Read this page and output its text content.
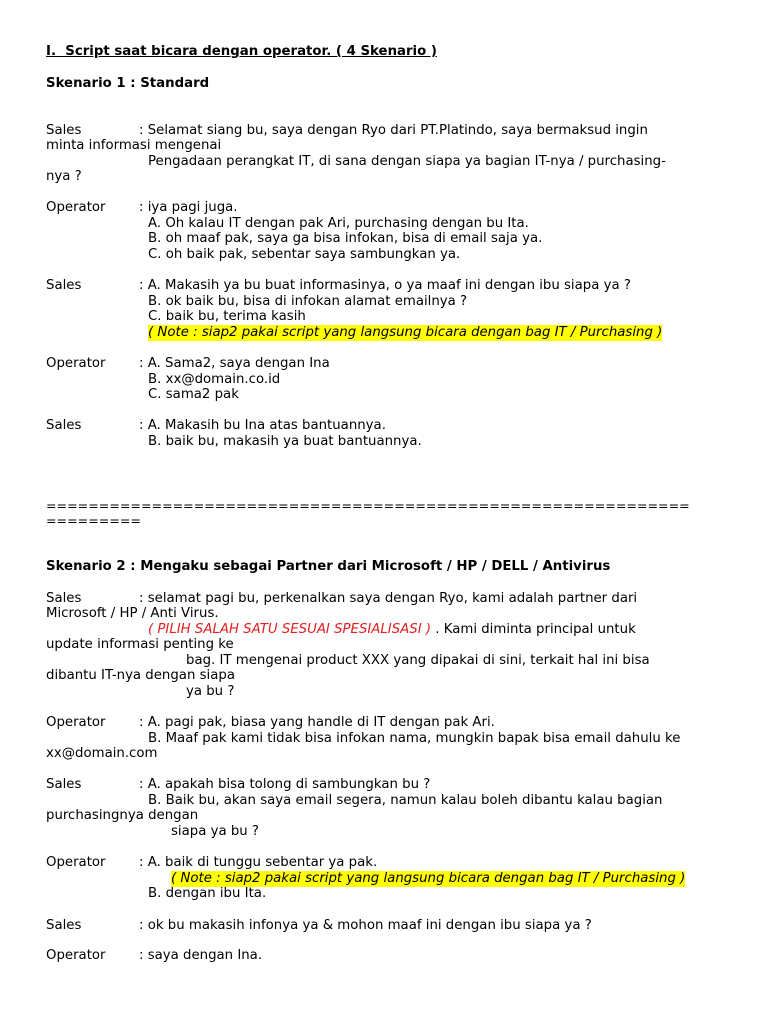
I.  Script saat bicara dengan operator. ( 4 Skenario )
Skenario 1 : Standard
Sales	: Selamat siang bu, saya dengan Ryo dari PT.Platindo, saya bermaksud ingin
minta informasi mengenai
Pengadaan perangkat IT, di sana dengan siapa ya bagian IT-nya / purchasing-
nya ?
Operator	: iya pagi juga.
A. Oh kalau IT dengan pak Ari, purchasing dengan bu Ita.
B. oh maaf pak, saya ga bisa infokan, bisa di email saja ya.
C. oh baik pak, sebentar saya sambungkan ya.
Sales	: A. Makasih ya bu buat informasinya, o ya maaf ini dengan ibu siapa ya ?
B. ok baik bu, bisa di infokan alamat emailnya ?
C. baik bu, terima kasih
( Note : siap2 pakai script yang langsung bicara dengan bag IT / Purchasing )
Operator	: A. Sama2, saya dengan Ina
B. xx@domain.co.id
C. sama2 pak
Sales	: A. Makasih bu Ina atas bantuannya.
B. baik bu, makasih ya buat bantuannya.
=============================================================
=========
Skenario 2 : Mengaku sebagai Partner dari Microsoft / HP / DELL / Antivirus
Sales	: selamat pagi bu, perkenalkan saya dengan Ryo, kami adalah partner dari
Microsoft / HP / Anti Virus.
( PILIH SALAH SATU SESUAI SPESIALISASI ) . Kami diminta principal untuk
update informasi penting ke
bag. IT mengenai product XXX yang dipakai di sini, terkait hal ini bisa
dibantu IT-nya dengan siapa
ya bu ?
Operator	: A. pagi pak, biasa yang handle di IT dengan pak Ari.
B. Maaf pak kami tidak bisa infokan nama, mungkin bapak bisa email dahulu ke
xx@domain.com
Sales	: A. apakah bisa tolong di sambungkan bu ?
B. Baik bu, akan saya email segera, namun kalau boleh dibantu kalau bagian
purchasingnya dengan
siapa ya bu ?
Operator	: A. baik di tunggu sebentar ya pak.
( Note : siap2 pakai script yang langsung bicara dengan bag IT / Purchasing )
B. dengan ibu Ita.
Sales	: ok bu makasih infonya ya & mohon maaf ini dengan ibu siapa ya ?
Operator	: saya dengan Ina.
